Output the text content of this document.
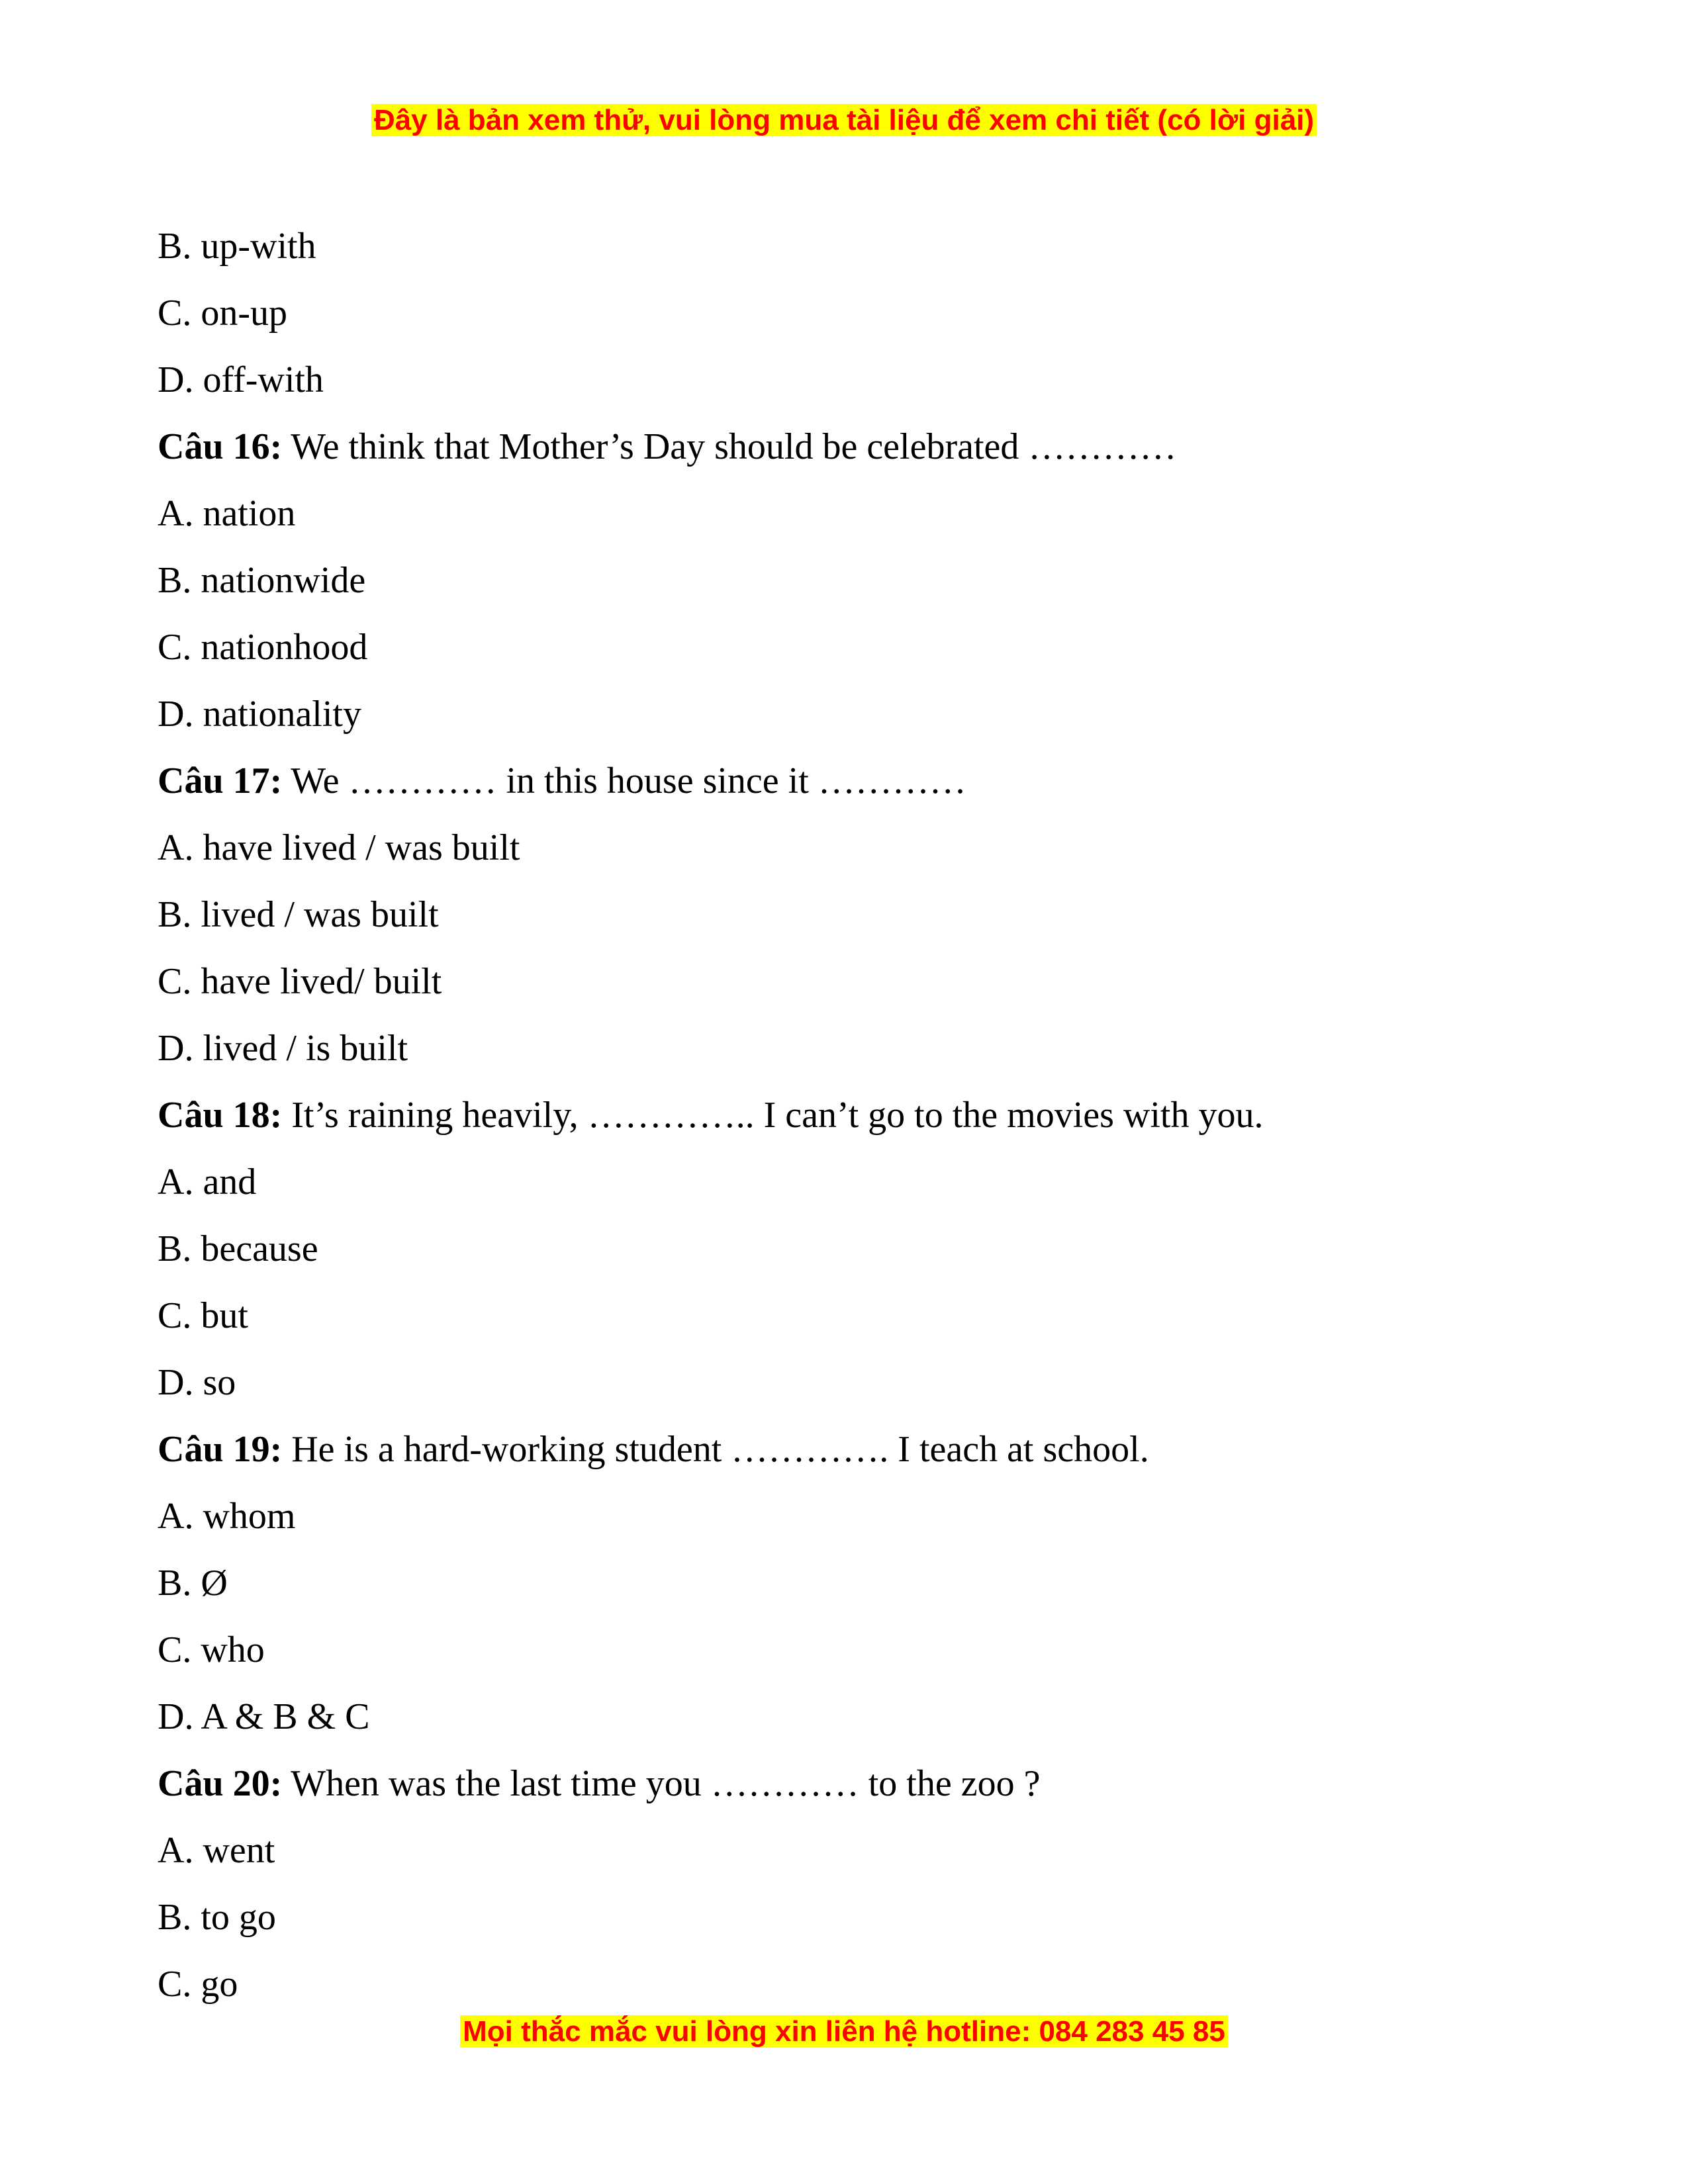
Đây là bản xem thử, vui lòng mua tài liệu để xem chi tiết (có lời giải)
B. up-with
C. on-up
D. off-with
Câu 16: We think that Mother’s Day should be celebrated …………
A. nation
B. nationwide
C. nationhood
D. nationality
Câu 17: We ………… in this house since it …………
A. have lived / was built
B. lived / was built
C. have lived/ built
D. lived / is built
Câu 18: It’s raining heavily, ………….. I can’t go to the movies with you.
A. and
B. because
C. but
D. so
Câu 19: He is a hard-working student …………. I teach at school.
A. whom
B. Ø
C. who
D. A & B & C
Câu 20: When was the last time you ………… to the zoo ?
A. went
B. to go
C. go
Mọi thắc mắc vui lòng xin liên hệ hotline: 084 283 45 85
